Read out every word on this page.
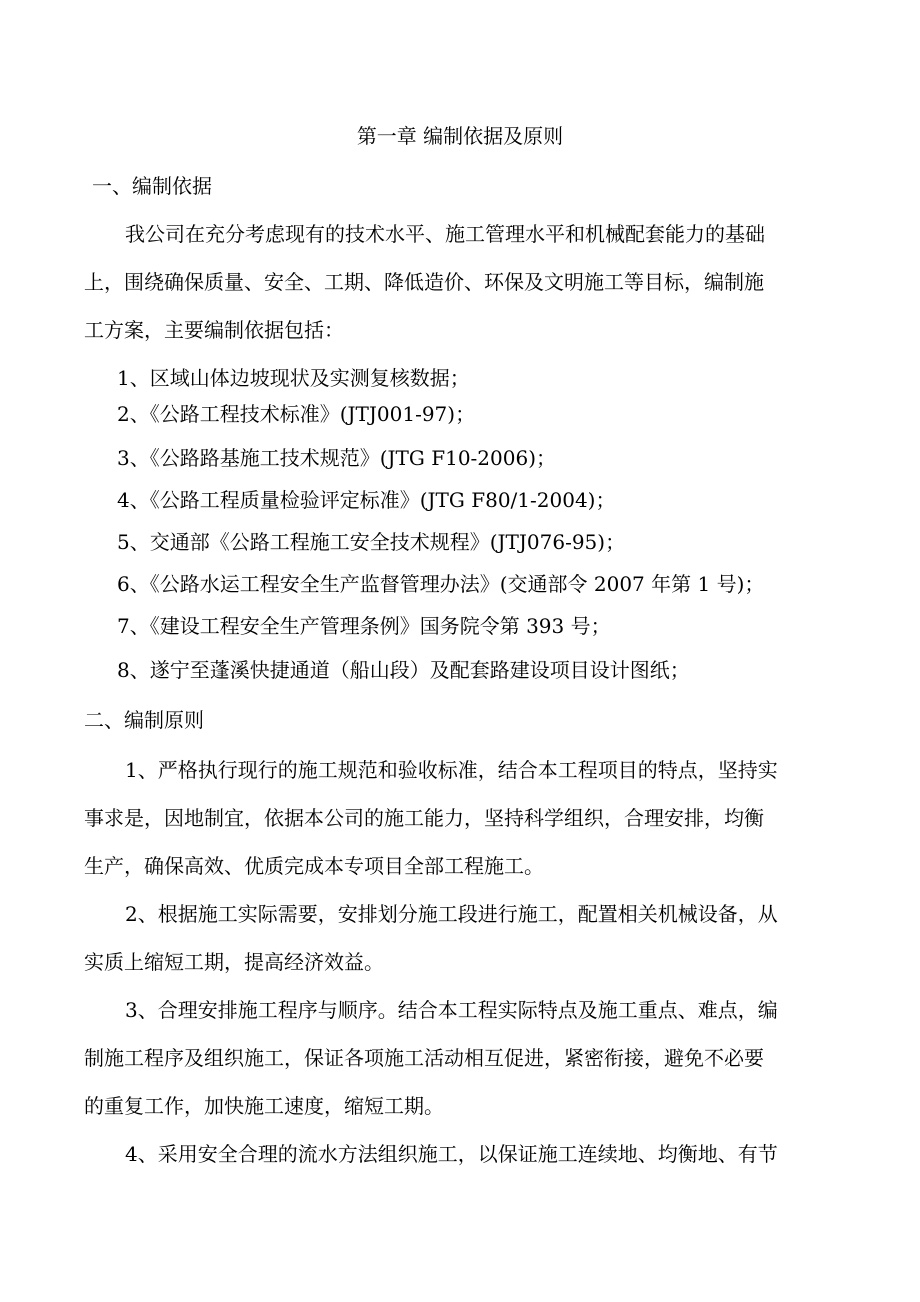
第一章 编制依据及原则
一、编制依据
我公司在充分考虑现有的技术水平、施工管理水平和机械配套能力的基础
上，围绕确保质量、安全、工期、降低造价、环保及文明施工等目标，编制施
工方案，主要编制依据包括：
1、区域山体边坡现状及实测复核数据；
2、《公路工程技术标准》(JTJ001-97)；
3、《公路路基施工技术规范》(JTG F10-2006)；
4、《公路工程质量检验评定标准》(JTG F80/1-2004)；
5、交通部《公路工程施工安全技术规程》(JTJ076-95)；
6、《公路水运工程安全生产监督管理办法》(交通部令 2007 年第 1 号)；
7、《建设工程安全生产管理条例》国务院令第 393 号；
8、遂宁至蓬溪快捷通道（船山段）及配套路建设项目设计图纸；
二、编制原则
1、严格执行现行的施工规范和验收标准，结合本工程项目的特点，坚持实
事求是，因地制宜，依据本公司的施工能力，坚持科学组织，合理安排，均衡
生产，确保高效、优质完成本专项目全部工程施工。
2、根据施工实际需要，安排划分施工段进行施工，配置相关机械设备，从
实质上缩短工期，提高经济效益。
3、合理安排施工程序与顺序。结合本工程实际特点及施工重点、难点，编
制施工程序及组织施工，保证各项施工活动相互促进，紧密衔接，避免不必要
的重复工作，加快施工速度，缩短工期。
4、采用安全合理的流水方法组织施工，以保证施工连续地、均衡地、有节
